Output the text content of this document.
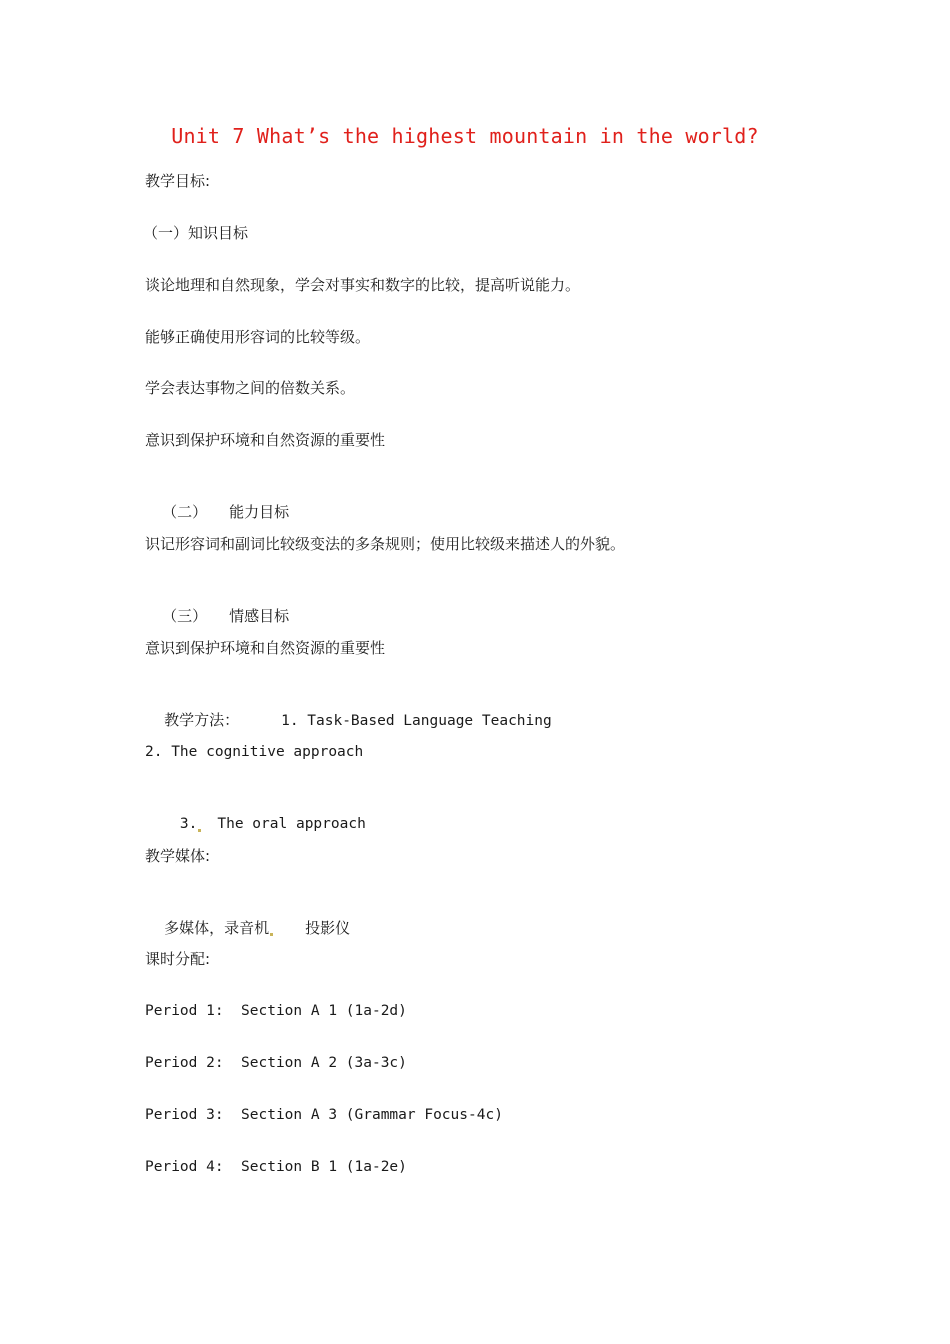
Unit 7 What’s the highest mountain in the world?
教学目标:
（一）知识目标
谈论地理和自然现象，学会对事实和数字的比较，提高听说能力。
能够正确使用形容词的比较等级。
学会表达事物之间的倍数关系。
意识到保护环境和自然资源的重要性

（二） 能力目标

识记形容词和副词比较级变法的多条规则；使用比较级来描述人的外貌。

（三） 情感目标

意识到保护环境和自然资源的重要性

教学方法：	1. Task-Based Language Teaching

2. The cognitive approach

3. The oral approach

教学媒体:

多媒体，录音机 投影仪

课时分配:
Period 1:  Section A 1 (1a-2d)
Period 2:  Section A 2 (3a-3c)
Period 3:  Section A 3 (Grammar Focus-4c)
Period 4:  Section B 1 (1a-2e)
